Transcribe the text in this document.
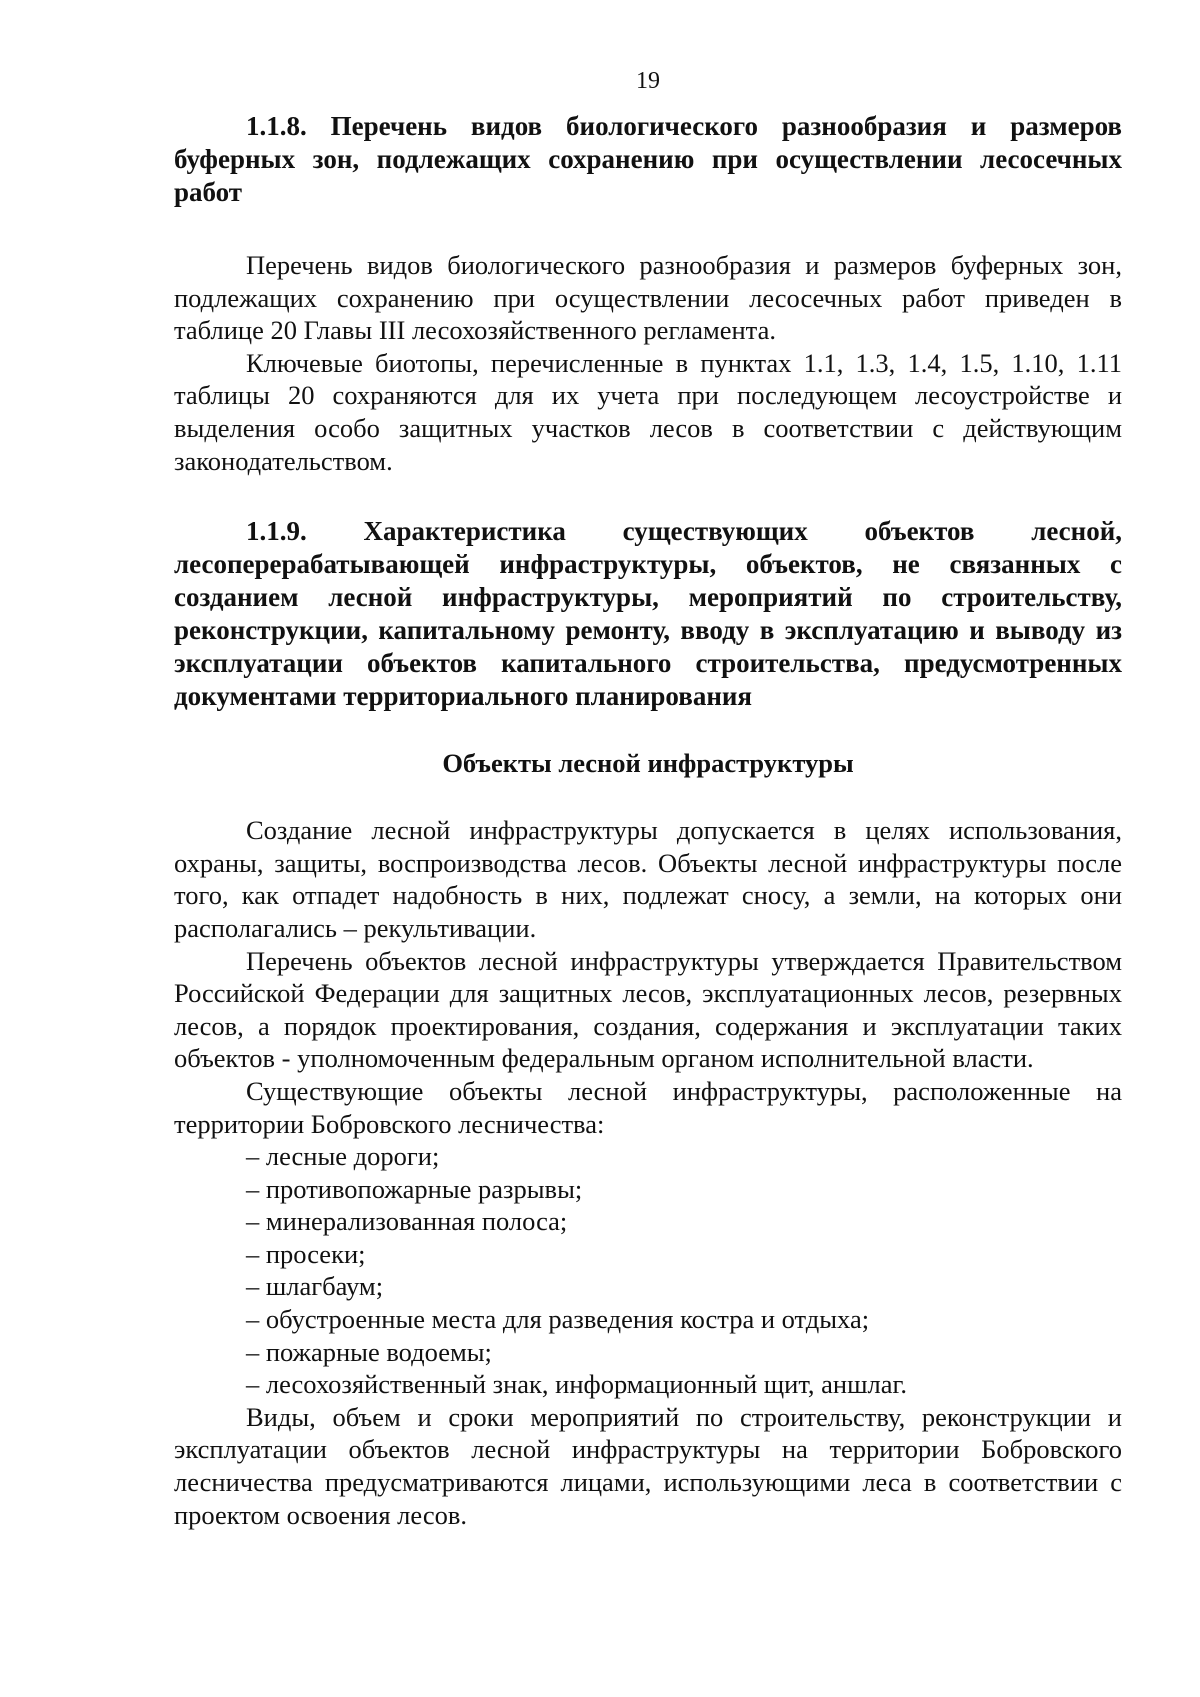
19
1.1.8. Перечень видов биологического разнообразия и размеров буферных зон, подлежащих сохранению при осуществлении лесосечных работ

Перечень видов биологического разнообразия и размеров буферных зон, подлежащих сохранению при осуществлении лесосечных работ приведен в таблице 20 Главы III лесохозяйственного регламента.

Ключевые биотопы, перечисленные в пунктах 1.1, 1.3, 1.4, 1.5, 1.10, 1.11 таблицы 20 сохраняются для их учета при последующем лесоустройстве и выделения особо защитных участков лесов в соответствии с действующим законодательством.

1.1.9. Характеристика существующих объектов лесной, лесоперерабатывающей инфраструктуры, объектов, не связанных с созданием лесной инфраструктуры, мероприятий по строительству, реконструкции, капитальному ремонту, вводу в эксплуатацию и выводу из эксплуатации объектов капитального строительства, предусмотренных документами территориального планирования
Объекты лесной инфраструктуры

Создание лесной инфраструктуры допускается в целях использования, охраны, защиты, воспроизводства лесов. Объекты лесной инфраструктуры после того, как отпадет надобность в них, подлежат сносу, а земли, на которых они располагались – рекультивации.

Перечень объектов лесной инфраструктуры утверждается Правительством Российской Федерации для защитных лесов, эксплуатационных лесов, резервных лесов, а порядок проектирования, создания, содержания и эксплуатации таких объектов - уполномоченным федеральным органом исполнительной власти.

Существующие объекты лесной инфраструктуры, расположенные на территории Бобровского лесничества:

– лесные дороги;
– противопожарные разрывы;
– минерализованная полоса;
– просеки;
– шлагбаум;
– обустроенные места для разведения костра и отдыха;
– пожарные водоемы;
– лесохозяйственный знак, информационный щит, аншлаг.

Виды, объем и сроки мероприятий по строительству, реконструкции и эксплуатации объектов лесной инфраструктуры на территории Бобровского лесничества предусматриваются лицами, использующими леса в соответствии с проектом освоения лесов.
